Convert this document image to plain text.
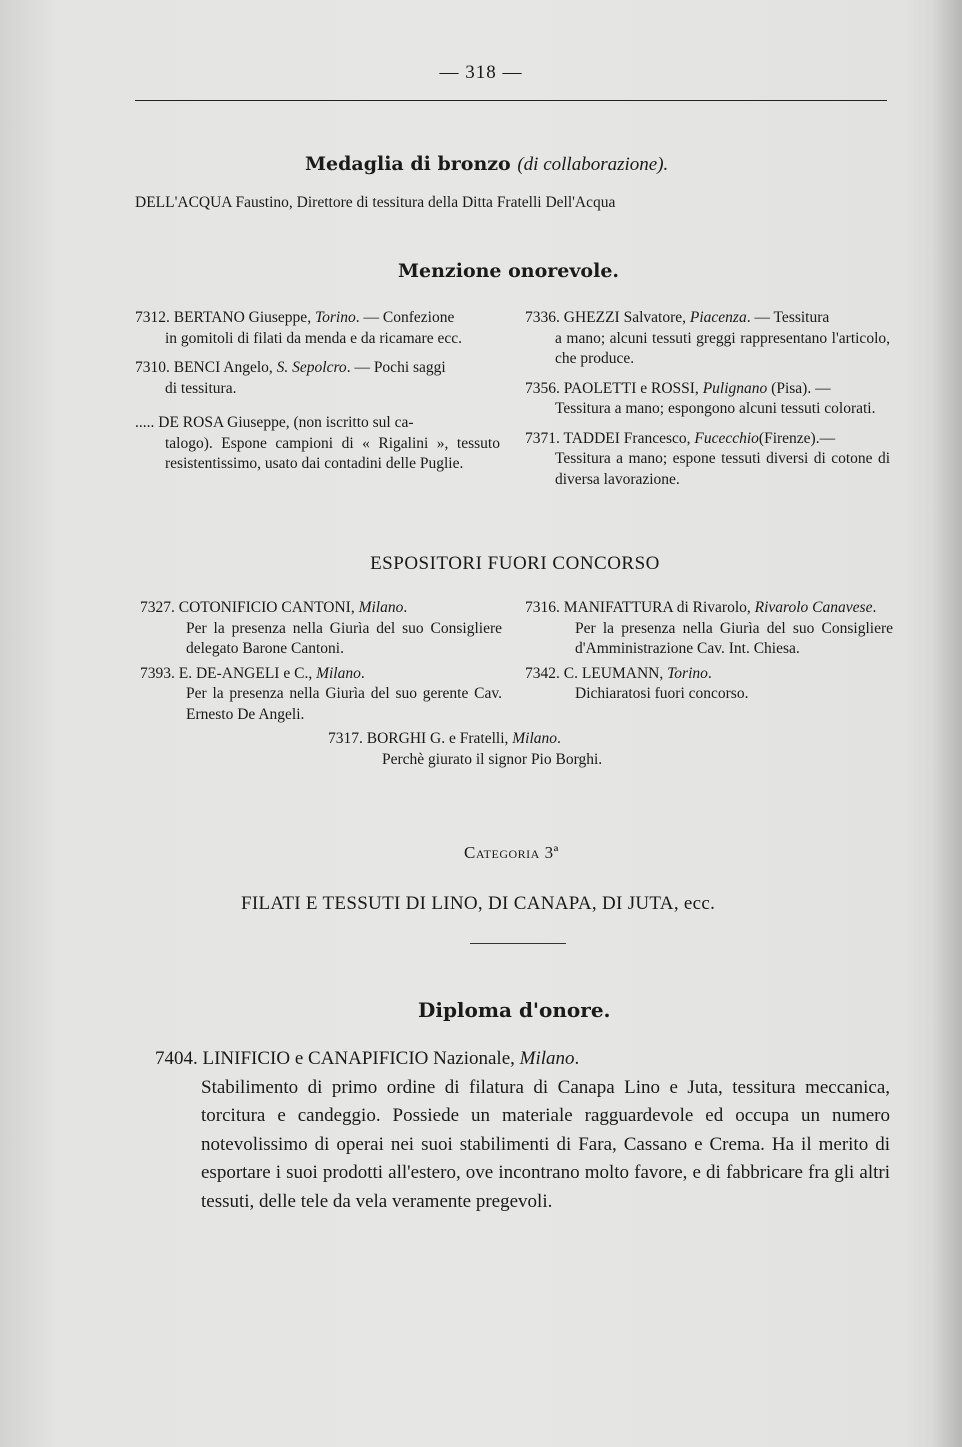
— 318 —
Medaglia di bronzo (di collaborazione).
DELL'ACQUA Faustino, Direttore di tessitura della Ditta Fratelli Dell'Acqua
Menzione onorevole.
7312. BERTANO Giuseppe, Torino. — Confezione
in gomitoli di filati da menda e da ricamare ecc.
7310. BENCI Angelo, S. Sepolcro. — Pochi saggi
di tessitura.
..... DE ROSA Giuseppe, (non iscritto sul ca-
talogo). Espone campioni di « Rigalini », tessuto resistentissimo, usato dai contadini delle Puglie.
7336. GHEZZI Salvatore, Piacenza. — Tessitura
a mano; alcuni tessuti greggi rappresentano l'articolo, che produce.
7356. PAOLETTI e ROSSI, Pulignano (Pisa). —
Tessitura a mano; espongono alcuni tessuti colorati.
7371. TADDEI Francesco, Fucecchio(Firenze).—
Tessitura a mano; espone tessuti diversi di cotone di diversa lavorazione.
ESPOSITORI FUORI CONCORSO
7327. COTONIFICIO CANTONI, Milano.
Per la presenza nella Giurìa del suo Consigliere delegato Barone Cantoni.
7393. E. DE-ANGELI e C., Milano.
Per la presenza nella Giurìa del suo gerente Cav. Ernesto De Angeli.
7316. MANIFATTURA di Rivarolo, Rivarolo Canavese.
Per la presenza nella Giurìa del suo Consigliere d'Amministrazione Cav. Int. Chiesa.
7342. C. LEUMANN, Torino.
Dichiaratosi fuori concorso.
7317. BORGHI G. e Fratelli, Milano.
Perchè giurato il signor Pio Borghi.
Categoria 3ª
FILATI E TESSUTI DI LINO, DI CANAPA, DI JUTA, ecc.
Diploma d'onore.
7404. LINIFICIO e CANAPIFICIO Nazionale, Milano.
Stabilimento di primo ordine di filatura di Canapa Lino e Juta, tessitura meccanica, torcitura e candeggio. Possiede un materiale ragguardevole ed occupa un numero notevolissimo di operai nei suoi stabilimenti di Fara, Cassano e Crema. Ha il merito di esportare i suoi prodotti all'estero, ove incontrano molto favore, e di fabbricare fra gli altri tessuti, delle tele da vela veramente pregevoli.
